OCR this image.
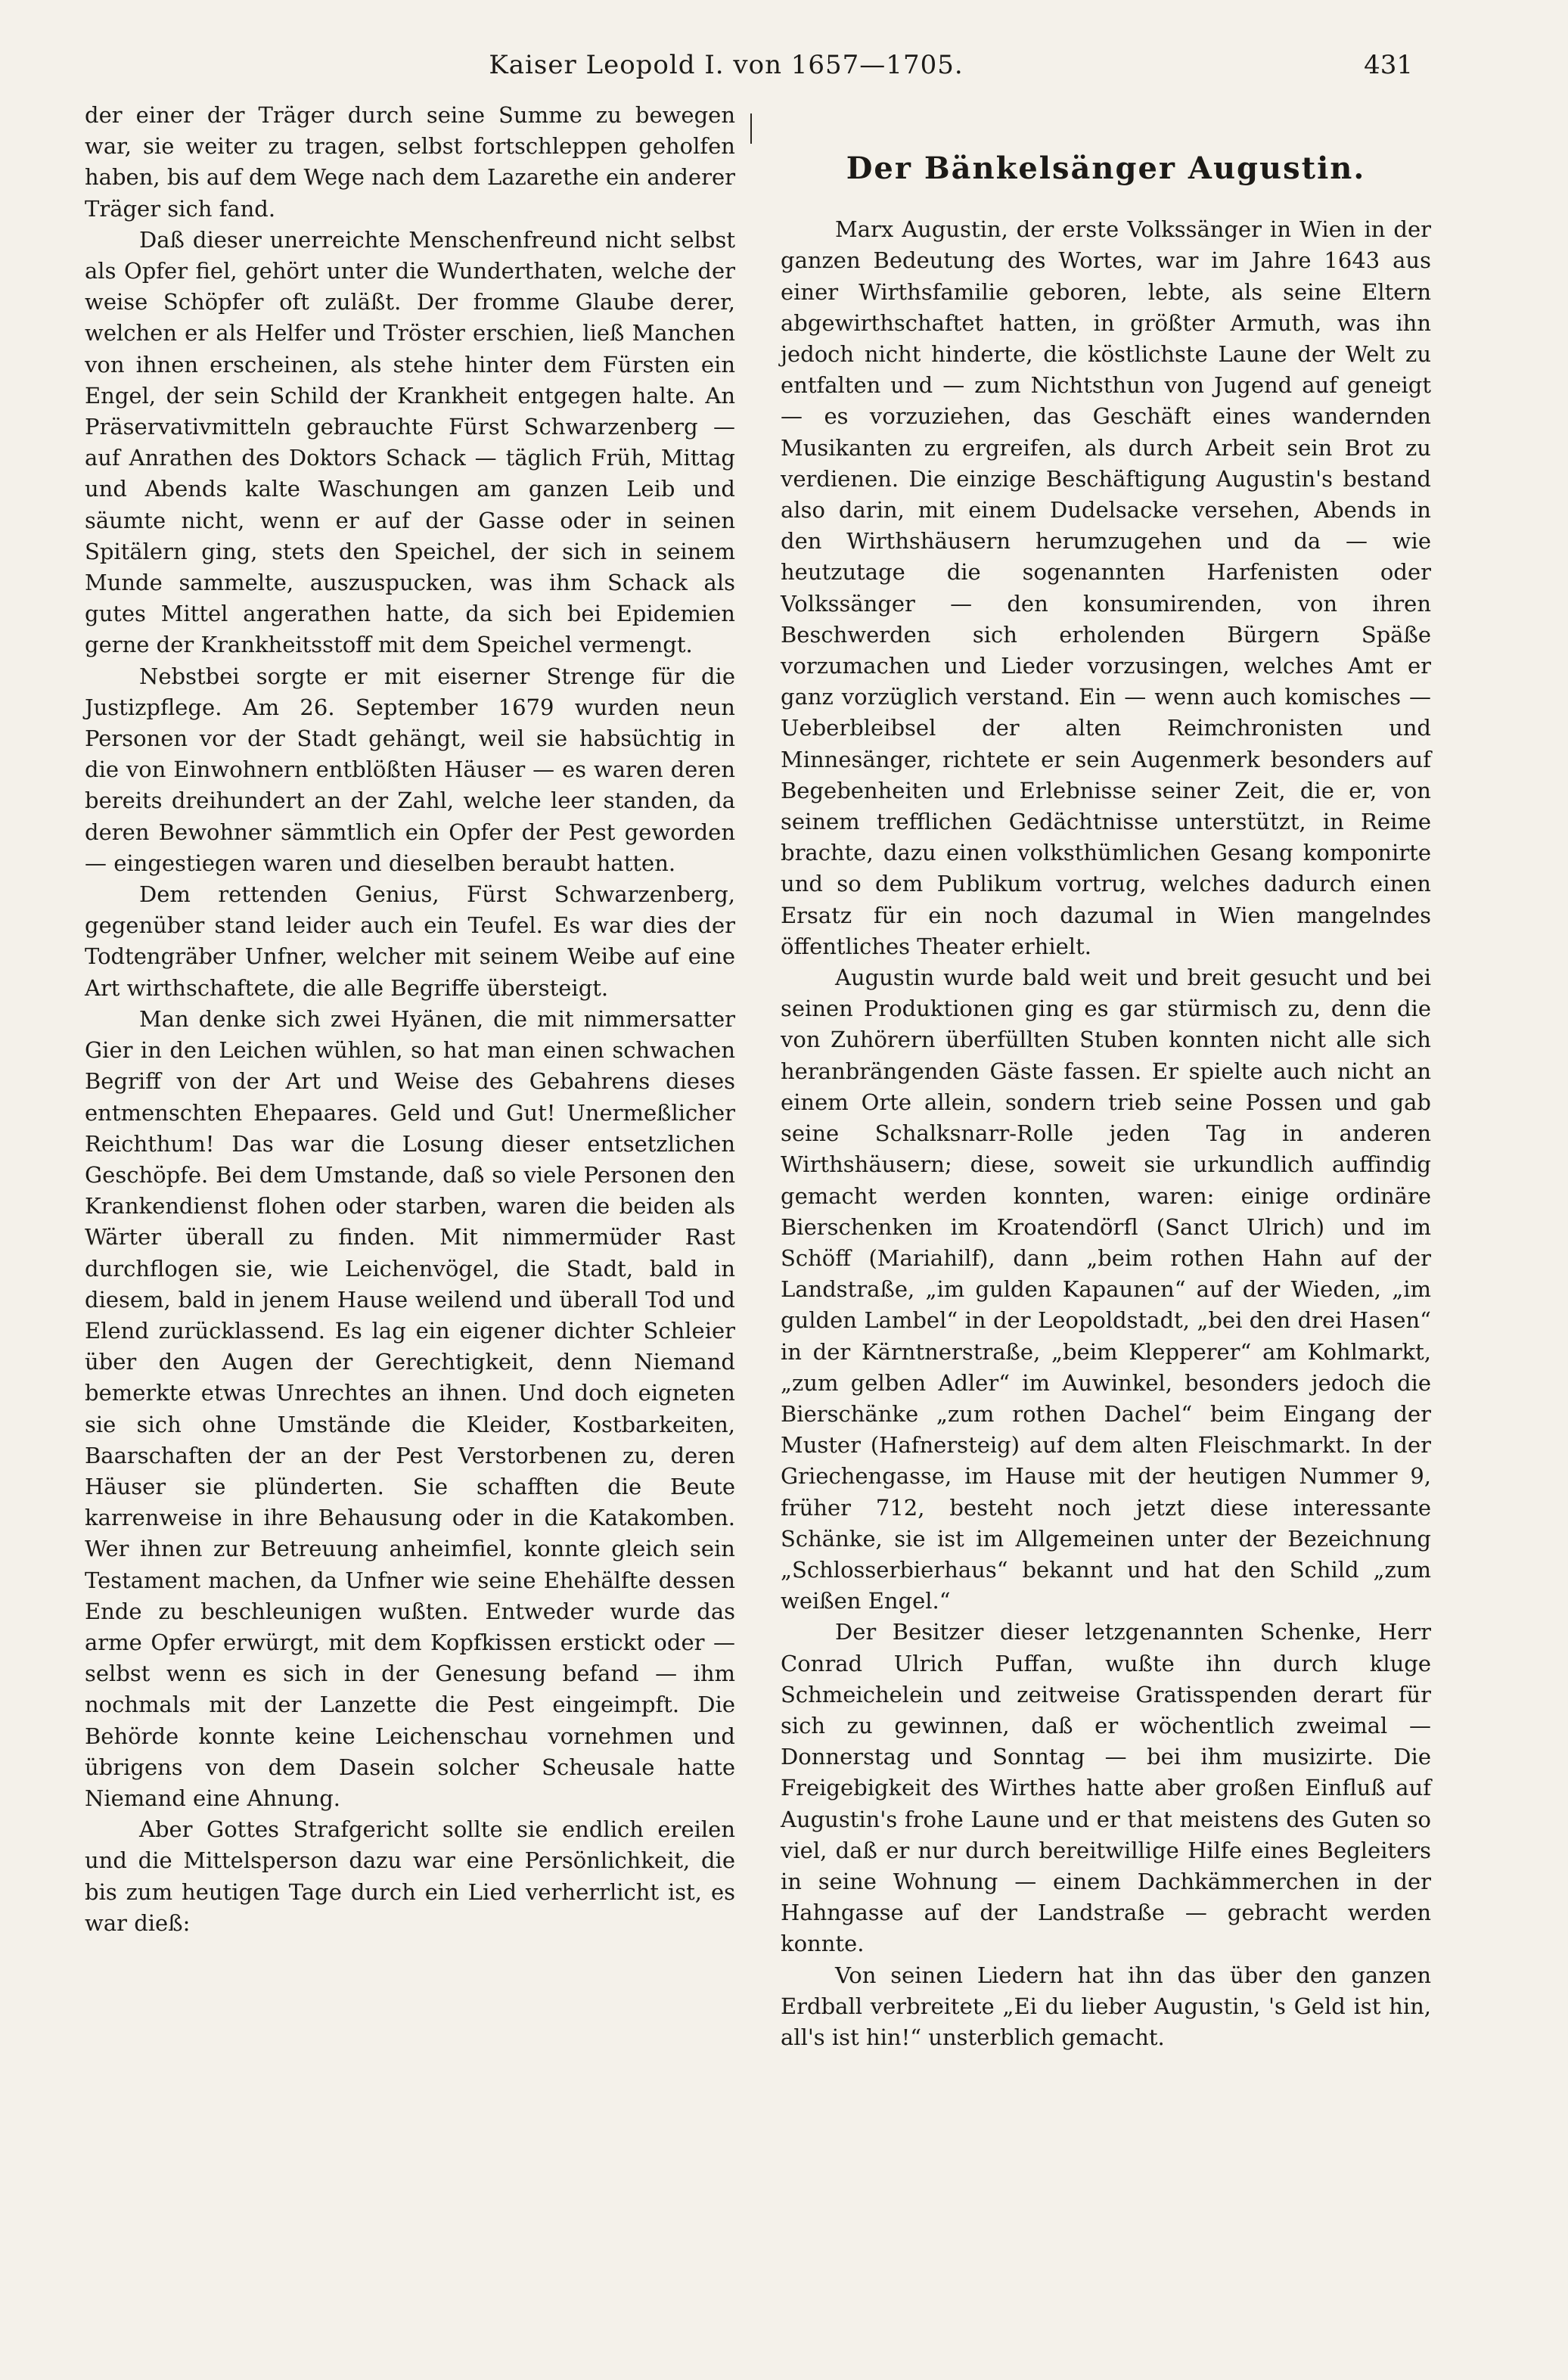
Kaiser Leopold I. von 1657—1705.	431

der einer der Träger durch seine Summe zu bewegen war, sie weiter zu tragen, selbst fortschleppen geholfen haben, bis auf dem Wege nach dem Lazarethe ein anderer Träger sich fand.

Daß dieser unerreichte Menschenfreund nicht selbst als Opfer fiel, gehört unter die Wunderthaten, welche der weise Schöpfer oft zuläßt. Der fromme Glaube derer, welchen er als Helfer und Tröster erschien, ließ Manchen von ihnen erscheinen, als stehe hinter dem Fürsten ein Engel, der sein Schild der Krankheit entgegen halte. An Präservativmitteln gebrauchte Fürst Schwarzenberg — auf Anrathen des Doktors Schack — täglich Früh, Mittag und Abends kalte Waschungen am ganzen Leib und säumte nicht, wenn er auf der Gasse oder in seinen Spitälern ging, stets den Speichel, der sich in seinem Munde sammelte, auszuspucken, was ihm Schack als gutes Mittel angerathen hatte, da sich bei Epidemien gerne der Krankheitsstoff mit dem Speichel vermengt.

Nebstbei sorgte er mit eiserner Strenge für die Justizpflege. Am 26. September 1679 wurden neun Personen vor der Stadt gehängt, weil sie habsüchtig in die von Einwohnern entblößten Häuser — es waren deren bereits dreihundert an der Zahl, welche leer standen, da deren Bewohner sämmtlich ein Opfer der Pest geworden — eingestiegen waren und dieselben beraubt hatten.

Dem rettenden Genius, Fürst Schwarzenberg, gegenüber stand leider auch ein Teufel. Es war dies der Todtengräber Unfner, welcher mit seinem Weibe auf eine Art wirthschaftete, die alle Begriffe übersteigt.

Man denke sich zwei Hyänen, die mit nimmersatter Gier in den Leichen wühlen, so hat man einen schwachen Begriff von der Art und Weise des Gebahrens dieses entmenschten Ehepaares. Geld und Gut! Unermeßlicher Reichthum! Das war die Losung dieser entsetzlichen Geschöpfe. Bei dem Umstande, daß so viele Personen den Krankendienst flohen oder starben, waren die beiden als Wärter überall zu finden. Mit nimmermüder Rast durchflogen sie, wie Leichenvögel, die Stadt, bald in diesem, bald in jenem Hause weilend und überall Tod und Elend zurücklassend. Es lag ein eigener dichter Schleier über den Augen der Gerechtigkeit, denn Niemand bemerkte etwas Unrechtes an ihnen. Und doch eigneten sie sich ohne Umstände die Kleider, Kostbarkeiten, Baarschaften der an der Pest Verstorbenen zu, deren Häuser sie plünderten. Sie schafften die Beute karrenweise in ihre Behausung oder in die Katakomben. Wer ihnen zur Betreuung anheimfiel, konnte gleich sein Testament machen, da Unfner wie seine Ehehälfte dessen Ende zu beschleunigen wußten. Entweder wurde das arme Opfer erwürgt, mit dem Kopfkissen erstickt oder — selbst wenn es sich in der Genesung befand — ihm nochmals mit der Lanzette die Pest eingeimpft. Die Behörde konnte keine Leichenschau vornehmen und übrigens von dem Dasein solcher Scheusale hatte Niemand eine Ahnung.

Aber Gottes Strafgericht sollte sie endlich ereilen und die Mittelsperson dazu war eine Persönlichkeit, die bis zum heutigen Tage durch ein Lied verherrlicht ist, es war dieß:

Der Bänkelsänger Augustin.

Marx Augustin, der erste Volkssänger in Wien in der ganzen Bedeutung des Wortes, war im Jahre 1643 aus einer Wirthsfamilie geboren, lebte, als seine Eltern abgewirthschaftet hatten, in größter Armuth, was ihn jedoch nicht hinderte, die köstlichste Laune der Welt zu entfalten und — zum Nichtsthun von Jugend auf geneigt — es vorzuziehen, das Geschäft eines wandernden Musikanten zu ergreifen, als durch Arbeit sein Brot zu verdienen. Die einzige Beschäftigung Augustin's bestand also darin, mit einem Dudelsacke versehen, Abends in den Wirthshäusern herumzugehen und da — wie heutzutage die sogenannten Harfenisten oder Volkssänger — den konsumirenden, von ihren Beschwerden sich erholenden Bürgern Späße vorzumachen und Lieder vorzusingen, welches Amt er ganz vorzüglich verstand. Ein — wenn auch komisches — Ueberbleibsel der alten Reimchronisten und Minnesänger, richtete er sein Augenmerk besonders auf Begebenheiten und Erlebnisse seiner Zeit, die er, von seinem trefflichen Gedächtnisse unterstützt, in Reime brachte, dazu einen volksthümlichen Gesang komponirte und so dem Publikum vortrug, welches dadurch einen Ersatz für ein noch dazumal in Wien mangelndes öffentliches Theater erhielt.

Augustin wurde bald weit und breit gesucht und bei seinen Produktionen ging es gar stürmisch zu, denn die von Zuhörern überfüllten Stuben konnten nicht alle sich heranbrängenden Gäste fassen. Er spielte auch nicht an einem Orte allein, sondern trieb seine Possen und gab seine Schalksnarr-Rolle jeden Tag in anderen Wirthshäusern; diese, soweit sie urkundlich auffindig gemacht werden konnten, waren: einige ordinäre Bierschenken im Kroatendörfl (Sanct Ulrich) und im Schöff (Mariahilf), dann „beim rothen Hahn auf der Landstraße, „im gulden Kapaunen“ auf der Wieden, „im gulden Lambel“ in der Leopoldstadt, „bei den drei Hasen“ in der Kärntnerstraße, „beim Klepperer“ am Kohlmarkt, „zum gelben Adler“ im Auwinkel, besonders jedoch die Bierschänke „zum rothen Dachel“ beim Eingang der Muster (Hafnersteig) auf dem alten Fleischmarkt. In der Griechengasse, im Hause mit der heutigen Nummer 9, früher 712, besteht noch jetzt diese interessante Schänke, sie ist im Allgemeinen unter der Bezeichnung „Schlosserbierhaus“ bekannt und hat den Schild „zum weißen Engel.“

Der Besitzer dieser letzgenannten Schenke, Herr Conrad Ulrich Puffan, wußte ihn durch kluge Schmeichelein und zeitweise Gratisspenden derart für sich zu gewinnen, daß er wöchentlich zweimal — Donnerstag und Sonntag — bei ihm musizirte. Die Freigebigkeit des Wirthes hatte aber großen Einfluß auf Augustin's frohe Laune und er that meistens des Guten so viel, daß er nur durch bereitwillige Hilfe eines Begleiters in seine Wohnung — einem Dachkämmerchen in der Hahngasse auf der Landstraße — gebracht werden konnte.

Von seinen Liedern hat ihn das über den ganzen Erdball verbreitete „Ei du lieber Augustin, 's Geld ist hin, all's ist hin!“ unsterblich gemacht.
